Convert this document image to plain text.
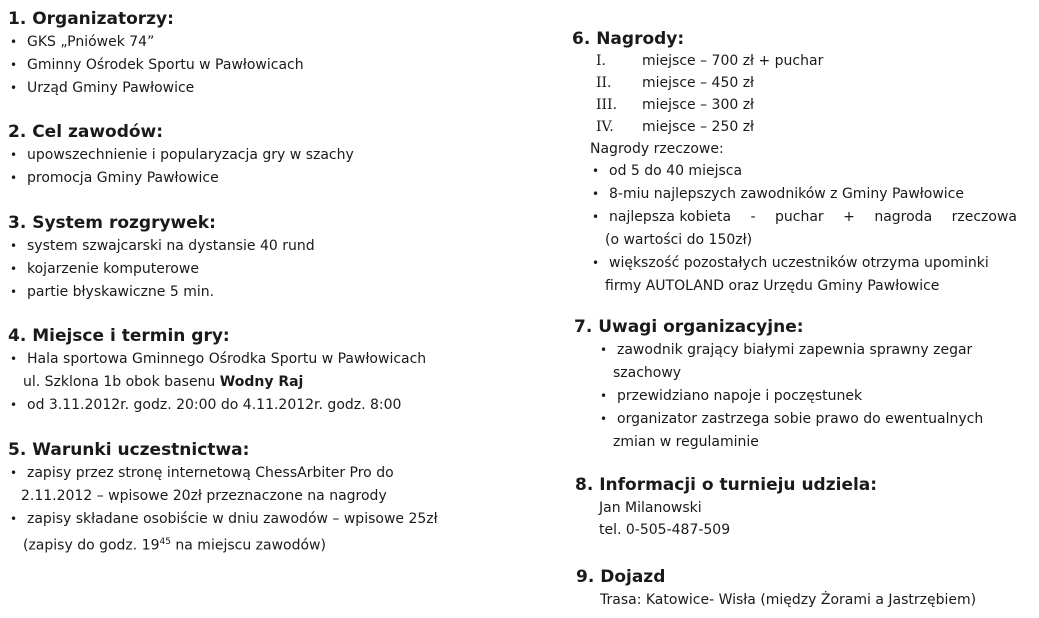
1. Organizatorzy:
• GKS „Pniówek 74”
• Gminny Ośrodek Sportu w Pawłowicach
• Urząd Gminy Pawłowice
2. Cel zawodów:
• upowszechnienie i popularyzacja gry w szachy
• promocja Gminy Pawłowice
3. System rozgrywek:
• system szwajcarski na dystansie 40 rund
• kojarzenie komputerowe
• partie błyskawiczne 5 min.
4. Miejsce i termin gry:
• Hala sportowa Gminnego Ośrodka Sportu w Pawłowicach
ul. Szklona 1b obok basenu Wodny Raj
• od 3.11.2012r. godz. 20:00 do 4.11.2012r. godz. 8:00
5. Warunki uczestnictwa:
• zapisy przez stronę internetową ChessArbiter Pro do
2.11.2012 – wpisowe 20zł przeznaczone na nagrody
• zapisy składane osobiście w dniu zawodów – wpisowe 25zł
(zapisy do godz. $19^{45}$ na miejscu zawodów)
6. Nagrody:
I.	miejsce – 700 zł + puchar
II.	miejsce – 450 zł
III.	miejsce – 300 zł
IV.	miejsce – 250 zł
Nagrody rzeczowe:
• od 5 do 40 miejsca
• 8-miu najlepszych zawodników z Gminy Pawłowice
• najlepsza kobieta - puchar + nagroda rzeczowa
(o wartości do 150zł)
• większość pozostałych uczestników otrzyma upominki
firmy AUTOLAND oraz Urzędu Gminy Pawłowice
7. Uwagi organizacyjne:
• zawodnik grający białymi zapewnia sprawny zegar
szachowy
• przewidziano napoje i poczęstunek
• organizator zastrzega sobie prawo do ewentualnych
zmian w regulaminie
8. Informacji o turnieju udziela:
Jan Milanowski
tel. 0-505-487-509
9. Dojazd
Trasa: Katowice- Wisła (między Żorami a Jastrzębiem)
